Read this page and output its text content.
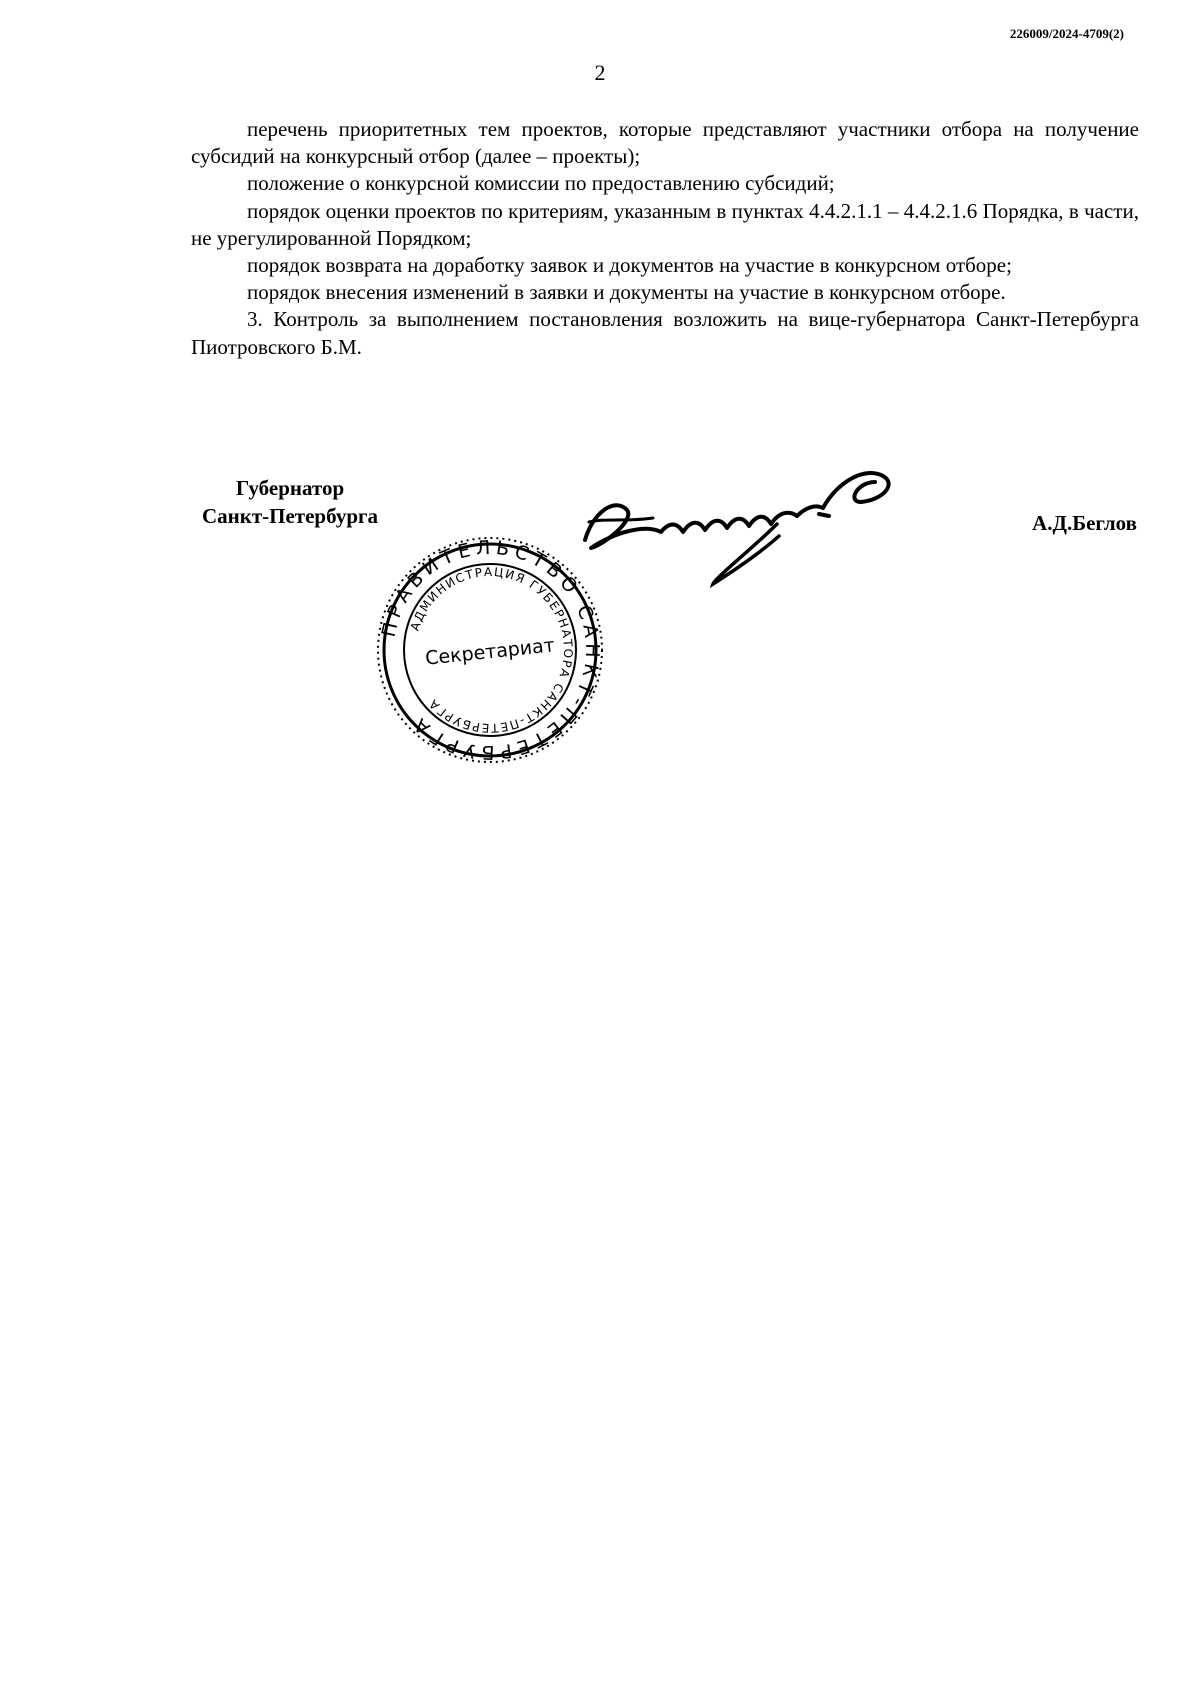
226009/2024-4709(2)
2

перечень приоритетных тем проектов, которые представляют участники отбора на получение субсидий на конкурсный отбор (далее – проекты);

положение о конкурсной комиссии по предоставлению субсидий;

порядок оценки проектов по критериям, указанным в пунктах 4.4.2.1.1 – 4.4.2.1.6 Порядка, в части, не урегулированной Порядком;

порядок возврата на доработку заявок и документов на участие в конкурсном отборе;

порядок внесения изменений в заявки и документы на участие в конкурсном отборе.

3. Контроль за выполнением постановления возложить на вице-губернатора Санкт-Петербурга Пиотровского Б.М.

Губернатор
Санкт-Петербурга	А.Д.Беглов
ПРАВИТЕЛЬСТВО САНКТ-ПЕТЕРБУРГА
АДМИНИСТРАЦИЯ ГУБЕРНАТОРА САНКТ-ПЕТЕРБУРГА
Секретариат
